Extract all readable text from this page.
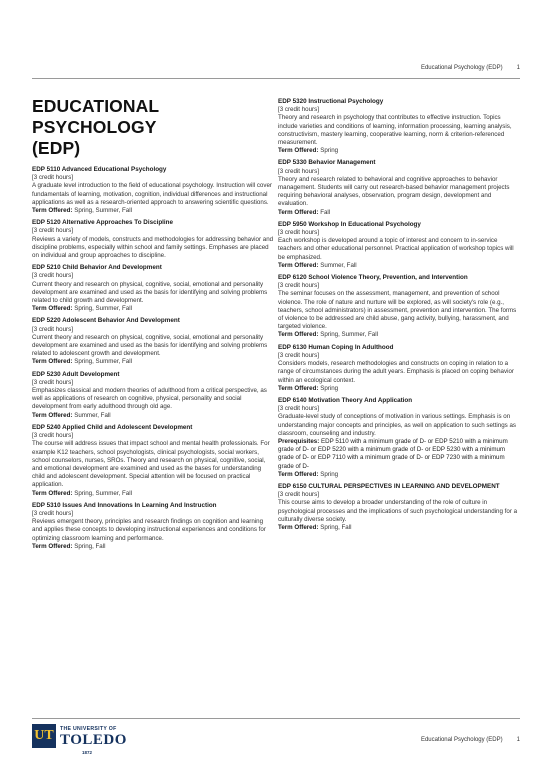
Educational Psychology (EDP) 1
EDUCATIONAL PSYCHOLOGY
(EDP)
EDP 5110 Advanced Educational Psychology
[3 credit hours]
A graduate level introduction to the field of educational psychology. Instruction will cover fundamentals of learning, motivation, cognition, individual differences and instructional applications as well as a research-oriented approach to answering scientific questions.
Term Offered: Spring, Summer, Fall
EDP 5120 Alternative Approaches To Discipline
[3 credit hours]
Reviews a variety of models, constructs and methodologies for addressing behavior and discipline problems, especially within school and family settings. Emphases are placed on individual and group approaches to discipline.
EDP 5210 Child Behavior And Development
[3 credit hours]
Current theory and research on physical, cognitive, social, emotional and personality development are examined and used as the basis for identifying and solving problems related to child growth and development.
Term Offered: Spring, Summer, Fall
EDP 5220 Adolescent Behavior And Development
[3 credit hours]
Current theory and research on physical, cognitive, social, emotional and personality development are examined and used as the basis for identifying and solving problems related to adolescent growth and development.
Term Offered: Spring, Summer, Fall
EDP 5230 Adult Development
[3 credit hours]
Emphasizes classical and modern theories of adulthood from a critical perspective, as well as applications of research on cognitive, physical, personality and social development from early adulthood through old age.
Term Offered: Summer, Fall
EDP 5240 Applied Child and Adolescent Development
[3 credit hours]
The course will address issues that impact school and mental health professionals. For example K12 teachers, school psychologists, clinical psychologists, social workers, school counselors, nurses, SROs. Theory and research on physical, cognitive, social, and emotional development are examined and used as the bases for understanding child and adolescent development. Special attention will be focused on practical application.
Term Offered: Spring, Summer, Fall
EDP 5310 Issues And Innovations In Learning And Instruction
[3 credit hours]
Reviews emergent theory, principles and research findings on cognition and learning and applies these concepts to developing instructional experiences and conditions for optimizing classroom learning and performance.
Term Offered: Spring, Fall
EDP 5320 Instructional Psychology
[3 credit hours]
Theory and research in psychology that contributes to effective instruction. Topics include varieties and conditions of learning, information processing, learning analysis, constructivism, mastery learning, cooperative learning, norm & criterion-referenced measurement.
Term Offered: Spring
EDP 5330 Behavior Management
[3 credit hours]
Theory and research related to behavioral and cognitive approaches to behavior management. Students will carry out research-based behavior management projects requiring behavioral analyses, observation, program design, development and evaluation.
Term Offered: Fall
EDP 5950 Workshop In Educational Psychology
[3 credit hours]
Each workshop is developed around a topic of interest and concern to in-service teachers and other educational personnel. Practical application of workshop topics will be emphasized.
Term Offered: Summer, Fall
EDP 6120 School Violence Theory, Prevention, and Intervention
[3 credit hours]
The seminar focuses on the assessment, management, and prevention of school violence. The role of nature and nurture will be explored, as will society's role (e.g., teachers, school administrators) in assessment, prevention and intervention. The forms of violence to be addressed are child abuse, gang activity, bullying, harassment, and targeted violence.
Term Offered: Spring, Summer, Fall
EDP 6130 Human Coping In Adulthood
[3 credit hours]
Considers models, research methodologies and constructs on coping in relation to a range of circumstances during the adult years. Emphasis is placed on coping behavior within an ecological context.
Term Offered: Spring
EDP 6140 Motivation Theory And Application
[3 credit hours]
Graduate-level study of conceptions of motivation in various settings. Emphasis is on understanding major concepts and principles, as well on application to such settings as classroom, counseling and industry.
Prerequisites: EDP 5110 with a minimum grade of D- or EDP 5210 with a minimum grade of D- or EDP 5220 with a minimum grade of D- or EDP 5230 with a minimum grade of D- or EDP 7110 with a minimum grade of D- or EDP 7230 with a minimum grade of D-
Term Offered: Spring
EDP 6150 CULTURAL PERSPECTIVES IN LEARNING AND DEVELOPMENT
[3 credit hours]
This course aims to develop a broader understanding of the role of culture in psychological processes and the implications of such psychological understanding for a culturally diverse society.
Term Offered: Spring, Fall
UT	THE UNIVERSITY OF
TOLEDO
1872
Educational Psychology (EDP) 1
